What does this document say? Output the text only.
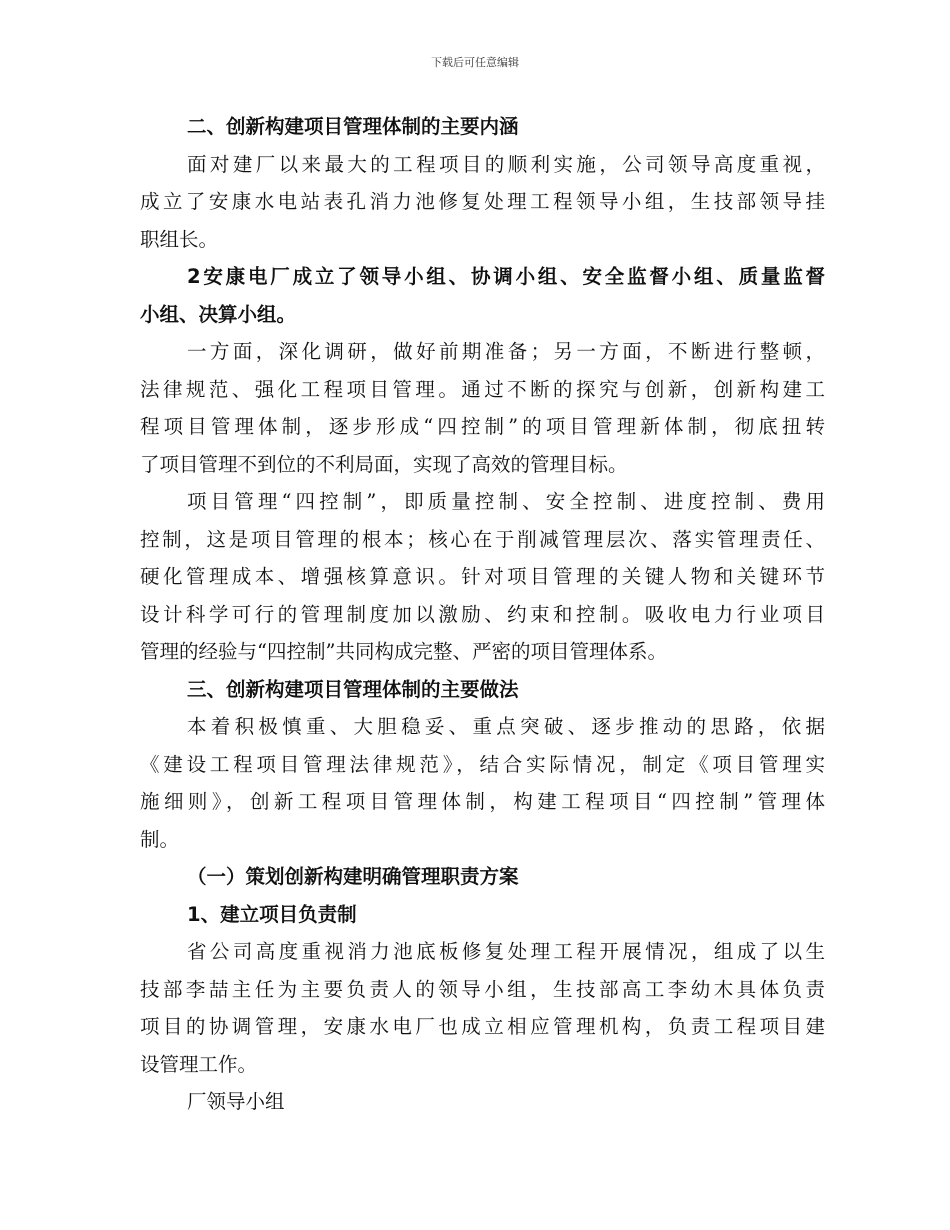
下载后可任意编辑
二、创新构建项目管理体制的主要内涵
面对建厂以来最大的工程项目的顺利实施，公司领导高度重视，
成立了安康水电站表孔消力池修复处理工程领导小组，生技部领导挂
职组长。
2安康电厂成立了领导小组、协调小组、安全监督小组、质量监督
小组、决算小组。
一方面，深化调研，做好前期准备；另一方面，不断进行整顿，
法律规范、强化工程项目管理。通过不断的探究与创新，创新构建工
程项目管理体制，逐步形成“四控制”的项目管理新体制，彻底扭转
了项目管理不到位的不利局面，实现了高效的管理目标。
项目管理“四控制”，即质量控制、安全控制、进度控制、费用
控制，这是项目管理的根本；核心在于削减管理层次、落实管理责任、
硬化管理成本、增强核算意识。针对项目管理的关键人物和关键环节
设计科学可行的管理制度加以激励、约束和控制。吸收电力行业项目
管理的经验与“四控制”共同构成完整、严密的项目管理体系。
三、创新构建项目管理体制的主要做法
本着积极慎重、大胆稳妥、重点突破、逐步推动的思路，依据
《建设工程项目管理法律规范》，结合实际情况，制定《项目管理实
施细则》，创新工程项目管理体制，构建工程项目“四控制”管理体
制。
（一）策划创新构建明确管理职责方案
1、建立项目负责制
省公司高度重视消力池底板修复处理工程开展情况，组成了以生
技部李喆主任为主要负责人的领导小组，生技部高工李幼木具体负责
项目的协调管理，安康水电厂也成立相应管理机构，负责工程项目建
设管理工作。
厂领导小组
